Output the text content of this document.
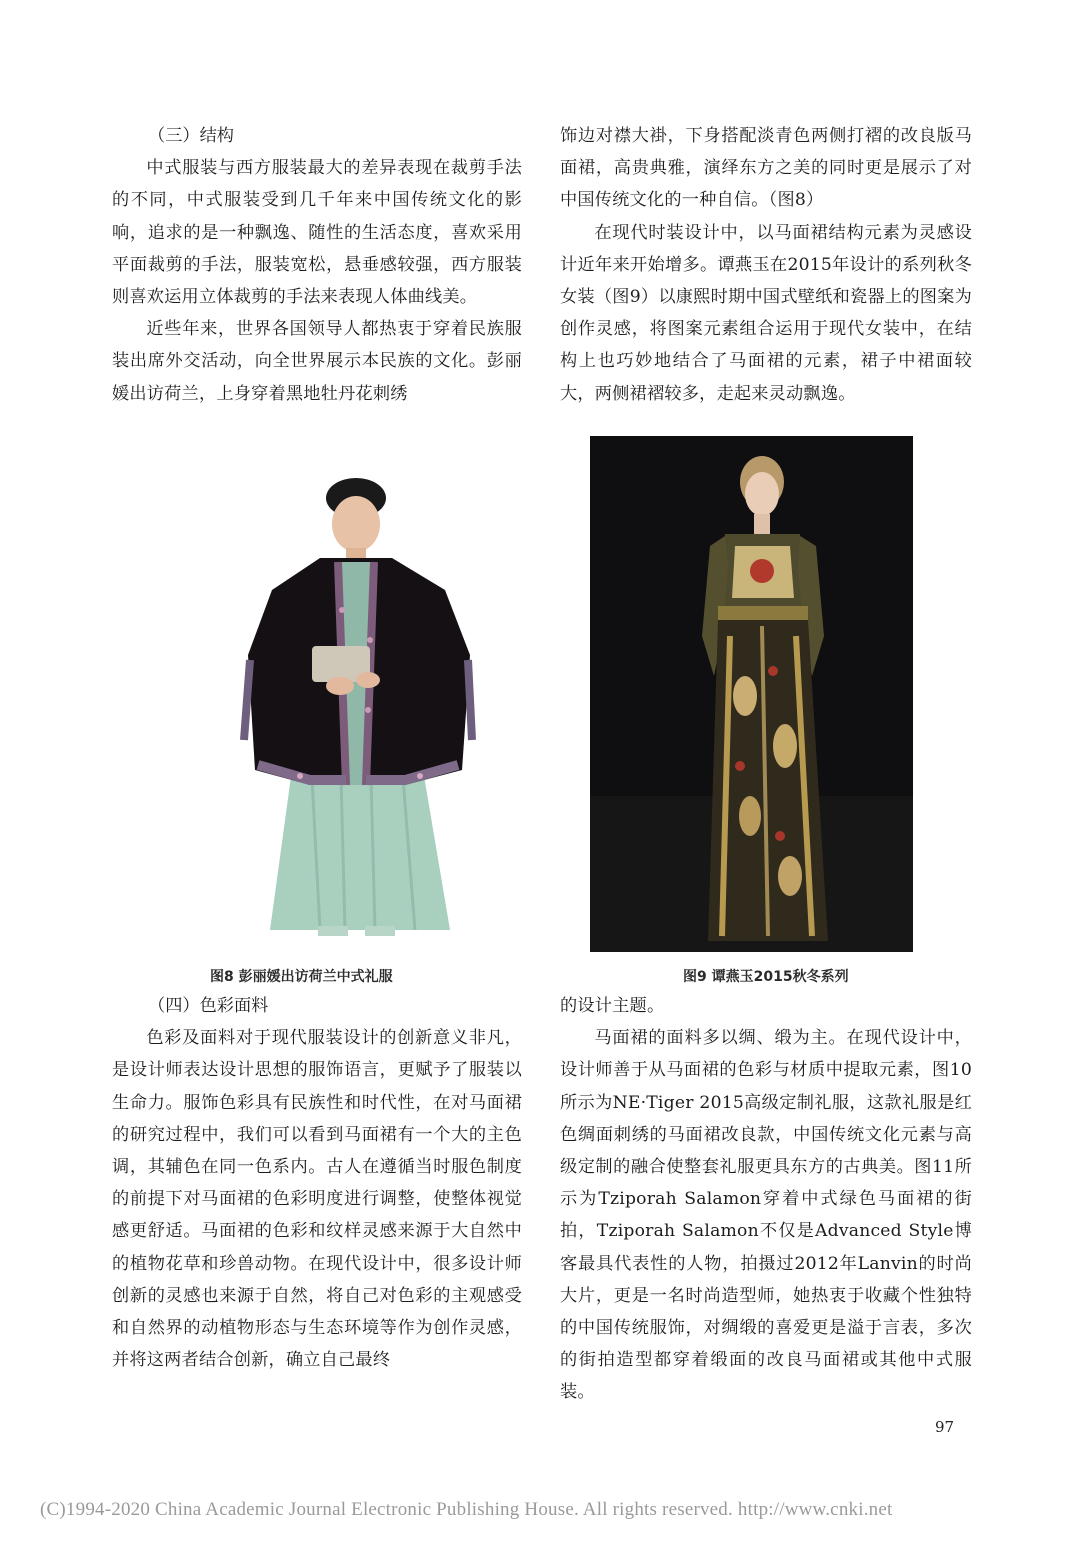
（三）结构

中式服装与西方服装最大的差异表现在裁剪手法的不同，中式服装受到几千年来中国传统文化的影响，追求的是一种飘逸、随性的生活态度，喜欢采用平面裁剪的手法，服装宽松，悬垂感较强，西方服装则喜欢运用立体裁剪的手法来表现人体曲线美。

近些年来，世界各国领导人都热衷于穿着民族服装出席外交活动，向全世界展示本民族的文化。彭丽媛出访荷兰，上身穿着黑地牡丹花刺绣

饰边对襟大褂，下身搭配淡青色两侧打褶的改良版马面裙，高贵典雅，演绎东方之美的同时更是展示了对中国传统文化的一种自信。（图8）

在现代时装设计中，以马面裙结构元素为灵感设计近年来开始增多。谭燕玉在2015年设计的系列秋冬女装（图9）以康熙时期中国式壁纸和瓷器上的图案为创作灵感，将图案元素组合运用于现代女装中，在结构上也巧妙地结合了马面裙的元素，裙子中裙面较大，两侧裙褶较多，走起来灵动飘逸。

图8 彭丽媛出访荷兰中式礼服	图9 谭燕玉2015秋冬系列

（四）色彩面料

色彩及面料对于现代服装设计的创新意义非凡，是设计师表达设计思想的服饰语言，更赋予了服装以生命力。服饰色彩具有民族性和时代性，在对马面裙的研究过程中，我们可以看到马面裙有一个大的主色调，其辅色在同一色系内。古人在遵循当时服色制度的前提下对马面裙的色彩明度进行调整，使整体视觉感更舒适。马面裙的色彩和纹样灵感来源于大自然中的植物花草和珍兽动物。在现代设计中，很多设计师创新的灵感也来源于自然，将自己对色彩的主观感受和自然界的动植物形态与生态环境等作为创作灵感，并将这两者结合创新，确立自己最终

的设计主题。

马面裙的面料多以绸、缎为主。在现代设计中，设计师善于从马面裙的色彩与材质中提取元素，图10所示为NE·Tiger 2015高级定制礼服，这款礼服是红色绸面刺绣的马面裙改良款，中国传统文化元素与高级定制的融合使整套礼服更具东方的古典美。图11所示为Tziporah Salamon穿着中式绿色马面裙的街拍，Tziporah Salamon不仅是Advanced Style博客最具代表性的人物，拍摄过2012年Lanvin的时尚大片，更是一名时尚造型师，她热衷于收藏个性独特的中国传统服饰，对绸缎的喜爱更是溢于言表，多次的街拍造型都穿着缎面的改良马面裙或其他中式服装。

97
(C)1994-2020 China Academic Journal Electronic Publishing House. All rights reserved. http://www.cnki.net
